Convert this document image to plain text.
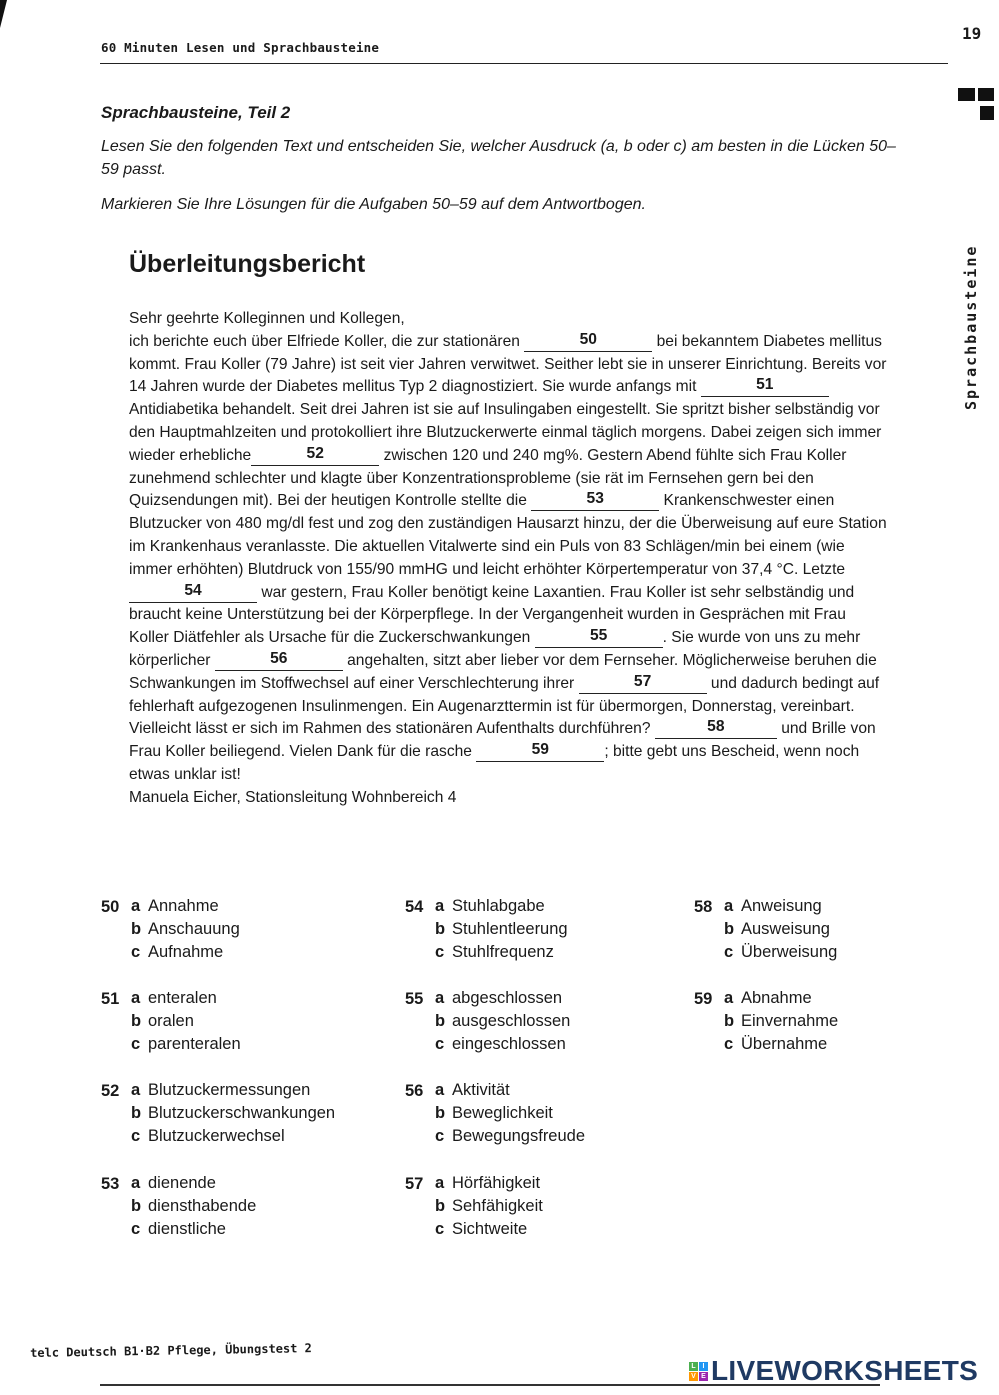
60 Minuten Lesen und Sprachbausteine
19
Sprachbausteine
Sprachbausteine, Teil 2
Lesen Sie den folgenden Text und entscheiden Sie, welcher Ausdruck (a, b oder c) am besten in die Lücken 50–59 passt.
Markieren Sie Ihre Lösungen für die Aufgaben 50–59 auf dem Antwortbogen.
Überleitungsbericht
Sehr geehrte Kolleginnen und Kollegen,
ich berichte euch über Elfriede Koller, die zur stationären	50	bei bekanntem Diabetes mellitus kommt. Frau Koller (79 Jahre) ist seit vier Jahren verwitwet. Seither lebt sie in unserer Einrichtung. Bereits vor 14 Jahren wurde der Diabetes mellitus Typ 2 diagnostiziert. Sie wurde anfangs mit	51 Antidiabetika behandelt. Seit drei Jahren ist sie auf Insulingaben eingestellt. Sie spritzt bisher selbständig vor den Hauptmahlzeiten und protokolliert ihre Blutzuckerwerte einmal täglich morgens. Dabei zeigen sich immer wieder erhebliche	52	zwischen 120 und 240 mg%. Gestern Abend fühlte sich Frau Koller zunehmend schlechter und klagte über Konzentrationsprobleme (sie rät im Fernsehen gern bei den Quizsendungen mit). Bei der heutigen Kontrolle stellte die	53	Krankenschwester einen Blutzucker von 480 mg/dl fest und zog den zuständigen Hausarzt hinzu, der die Überweisung auf eure Station im Krankenhaus veranlasste. Die aktuellen Vitalwerte sind ein Puls von 83 Schlägen/min bei einem (wie immer erhöhten) Blutdruck von 155/90 mmHG und leicht erhöhter Körpertemperatur von 37,4 °C. Letzte 54	war gestern, Frau Koller benötigt keine Laxantien. Frau Koller ist sehr selbständig und braucht keine Unterstützung bei der Körperpflege. In der Vergangenheit wurden in Gesprächen mit Frau Koller Diätfehler als Ursache für die Zuckerschwankungen	55	. Sie wurde von uns zu mehr körperlicher	56	angehalten, sitzt aber lieber vor dem Fernseher. Möglicherweise beruhen die Schwankungen im Stoffwechsel auf einer Verschlechterung ihrer	57	und dadurch bedingt auf fehlerhaft aufgezogenen Insulinmengen. Ein Augenarzttermin ist für übermorgen, Donnerstag, vereinbart. Vielleicht lässt er sich im Rahmen des stationären Aufenthalts durchführen?	58	und Brille von Frau Koller beiliegend. Vielen Dank für die rasche	59	; bitte gebt uns Bescheid, wenn noch etwas unklar ist!
Manuela Eicher, Stationsleitung Wohnbereich 4
50 a Annahme
b Anschauung
c Aufnahme
51 a enteralen
b oralen
c parenteralen
52 a Blutzuckermessungen
b Blutzuckerschwankungen
c Blutzuckerwechsel
53 a dienende
b diensthabende
c dienstliche
54 a Stuhlabgabe
b Stuhlentleerung
c Stuhlfrequenz
55 a abgeschlossen
b ausgeschlossen
c eingeschlossen
56 a Aktivität
b Beweglichkeit
c Bewegungsfreude
57 a Hörfähigkeit
b Sehfähigkeit
c Sichtweite
58 a Anweisung
b Ausweisung
c Überweisung
59 a Abnahme
b Einvernahme
c Übernahme
telc Deutsch B1·B2 Pflege, Übungstest 2
L I
V E LIVEWORKSHEETS
